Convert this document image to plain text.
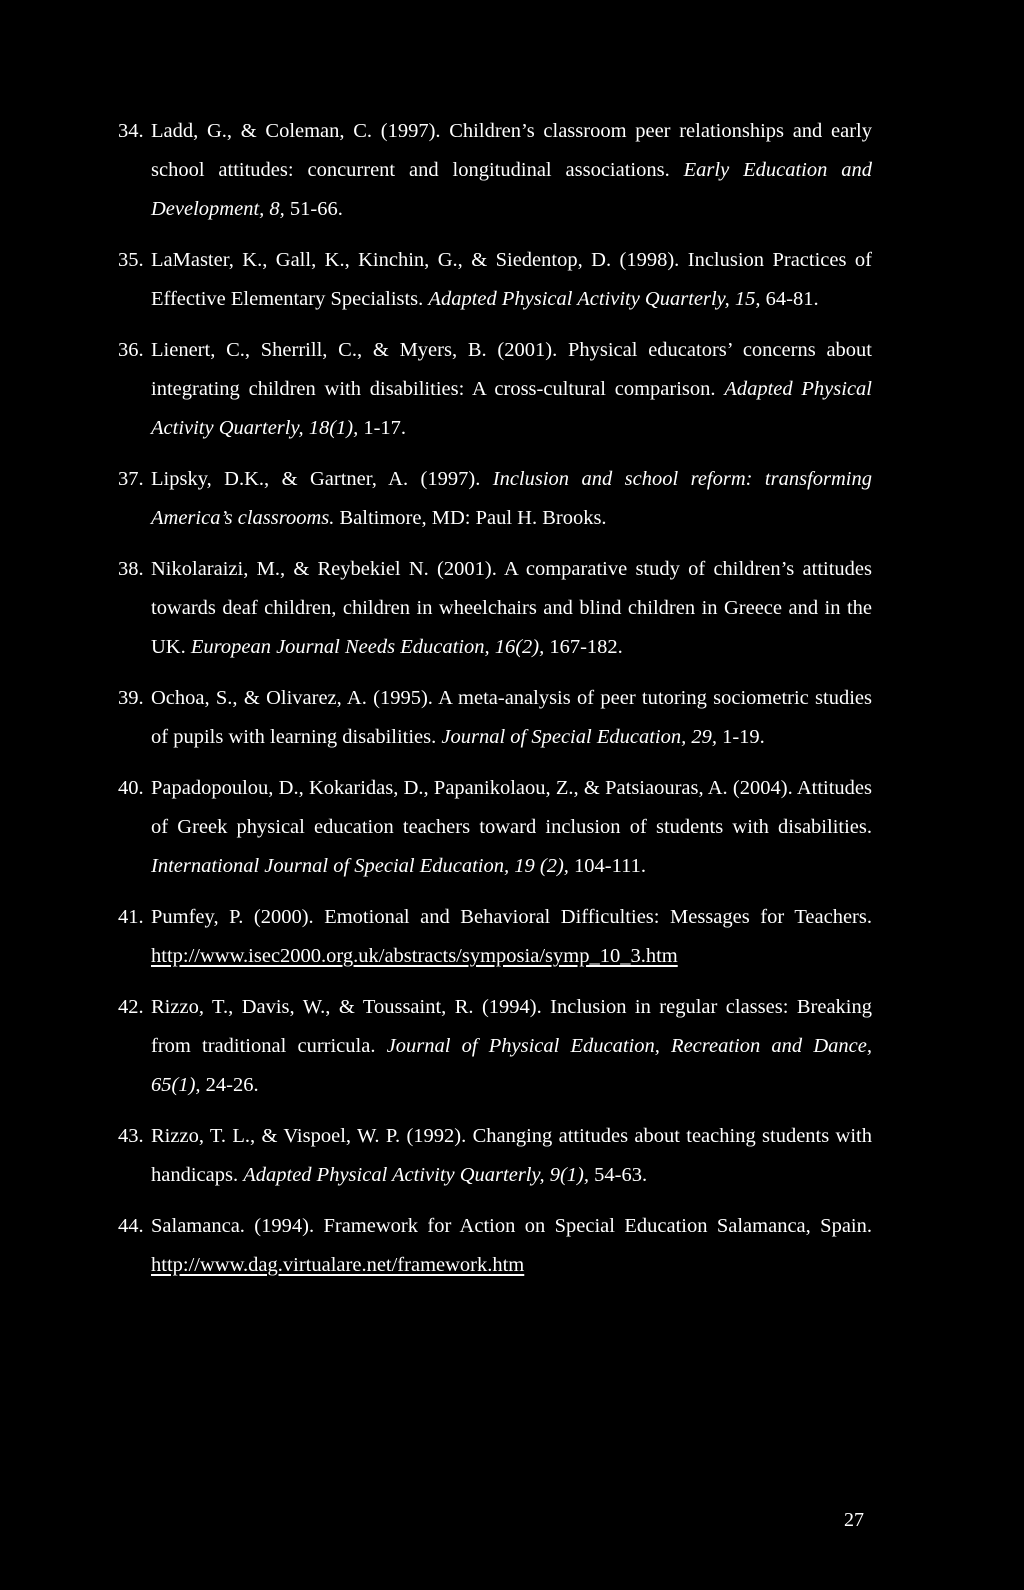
34. Ladd, G., & Coleman, C. (1997). Children’s classroom peer relationships and early school attitudes: concurrent and longitudinal associations. Early Education and Development, 8, 51-66.

35. LaMaster, K., Gall, K., Kinchin, G., & Siedentop, D. (1998). Inclusion Practices of Effective Elementary Specialists. Adapted Physical Activity Quarterly, 15, 64-81.

36. Lienert, C., Sherrill, C., & Myers, B. (2001). Physical educators’ concerns about integrating children with disabilities: A cross-cultural comparison. Adapted Physical Activity Quarterly, 18(1), 1-17.

37. Lipsky, D.K., & Gartner, A. (1997). Inclusion and school reform: transforming America’s classrooms. Baltimore, MD: Paul H. Brooks.

38. Nikolaraizi, M., & Reybekiel N. (2001). A comparative study of children’s attitudes towards deaf children, children in wheelchairs and blind children in Greece and in the UK. European Journal Needs Education, 16(2), 167-182.

39. Ochoa, S., & Olivarez, A. (1995). A meta-analysis of peer tutoring sociometric studies of pupils with learning disabilities. Journal of Special Education, 29, 1-19.

40. Papadopoulou, D., Kokaridas, D., Papanikolaou, Z., & Patsiaouras, A. (2004). Attitudes of Greek physical education teachers toward inclusion of students with disabilities. International Journal of Special Education, 19 (2), 104-111.

41. Pumfey, P. (2000). Emotional and Behavioral Difficulties: Messages for Teachers. http://www.isec2000.org.uk/abstracts/symposia/symp_10_3.htm

42. Rizzo, T., Davis, W., & Toussaint, R. (1994). Inclusion in regular classes: Breaking from traditional curricula. Journal of Physical Education, Recreation and Dance, 65(1), 24-26.

43. Rizzo, T. L., & Vispoel, W. P. (1992). Changing attitudes about teaching students with handicaps. Adapted Physical Activity Quarterly, 9(1), 54-63.

44. Salamanca. (1994). Framework for Action on Special Education Salamanca, Spain. http://www.dag.virtualare.net/framework.htm

27
